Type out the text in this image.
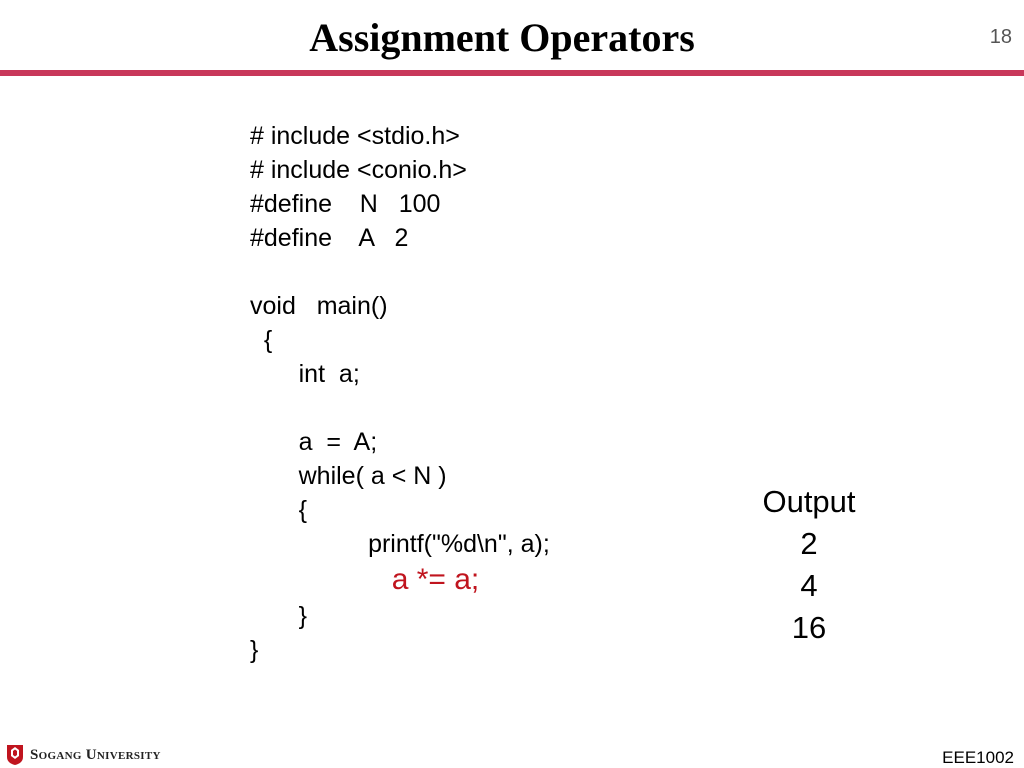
Assignment Operators	18
# include <stdio.h>
# include <conio.h>
#define    N   100
#define    A   2
void   main()
{
int  a;
a  =  A;
while( a < N )
{
printf("%d\n", a);
a *= a;
}
}
Output
2
4
16
Sogang University	EEE1002
